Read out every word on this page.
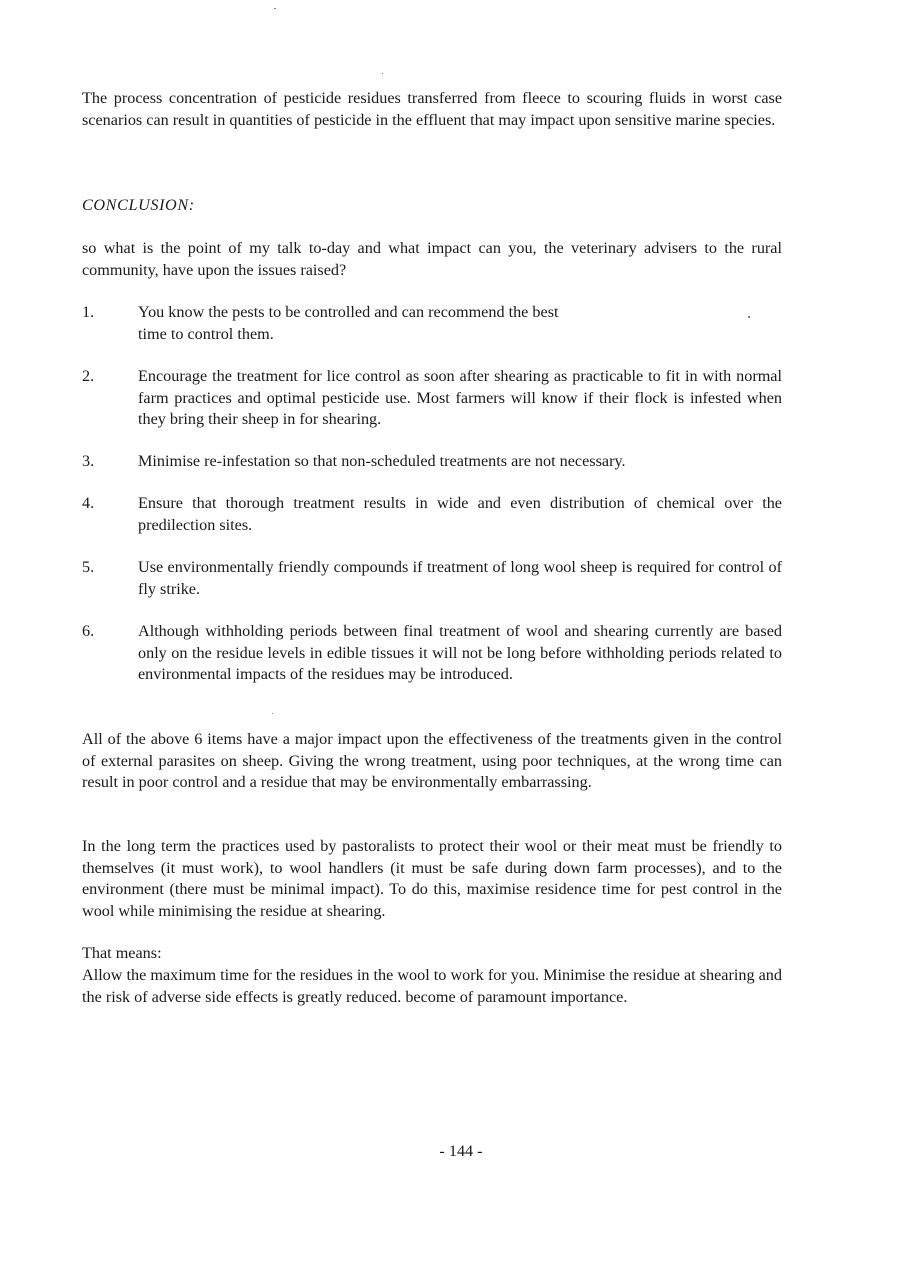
The process concentration of pesticide residues transferred from fleece to scouring fluids in worst case scenarios can result in quantities of pesticide in the effluent that may impact upon sensitive marine species.

CONCLUSION:

so what is the point of my talk to-day and what impact can you, the veterinary advisers to the rural community, have upon the issues raised?

1.	You know the pests to be controlled and can recommend the best
time to control them.

2.	Encourage the treatment for lice control as soon after shearing as practicable to fit in with normal farm practices and optimal pesticide use. Most farmers will know if their flock is infested when they bring their sheep in for shearing.

3.	Minimise re-infestation so that non-scheduled treatments are not necessary.

4.	Ensure that thorough treatment results in wide and even distribution of chemical over the predilection sites.

5.	Use environmentally friendly compounds if treatment of long wool sheep is required for control of fly strike.

6.	Although withholding periods between final treatment of wool and shearing currently are based only on the residue levels in edible tissues it will not be long before withholding periods related to environmental impacts of the residues may be introduced.

All of the above 6 items have a major impact upon the effectiveness of the treatments given in the control of external parasites on sheep. Giving the wrong treatment, using poor techniques, at the wrong time can result in poor control and a residue that may be environmentally embarrassing.

In the long term the practices used by pastoralists to protect their wool or their meat must be friendly to themselves (it must work), to wool handlers (it must be safe during down farm processes), and to the environment (there must be minimal impact). To do this, maximise residence time for pest control in the wool while minimising the residue at shearing.

That means:

Allow the maximum time for the residues in the wool to work for you. Minimise the residue at shearing and the risk of adverse side effects is greatly reduced. become of paramount importance.

- 144 -
